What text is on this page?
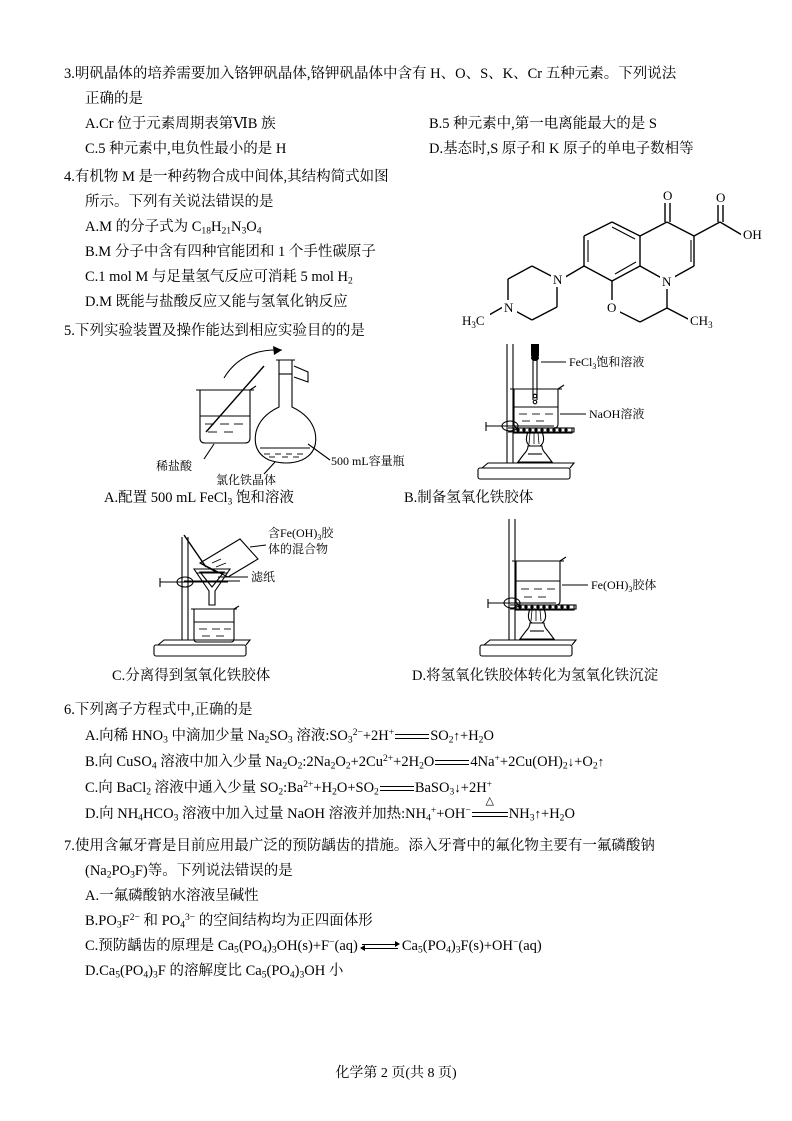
3.明矾晶体的培养需要加入铬钾矾晶体,铬钾矾晶体中含有 H、O、S、K、Cr 五种元素。下列说法
正确的是
A.Cr 位于元素周期表第ⅥB 族	B.5 种元素中,第一电离能最大的是 S
C.5 种元素中,电负性最小的是 H	D.基态时,S 原子和 K 原子的单电子数相等
4.有机物 M 是一种药物合成中间体,其结构简式如图
所示。下列有关说法错误的是
A.M 的分子式为 $C_{18}H_{21}N_3O_4$
B.M 分子中含有四种官能团和 1 个手性碳原子
C.1 mol M 与足量氢气反应可消耗 5 mol $H_2$
D.M 既能与盐酸反应又能与氢氧化钠反应
5.下列实验装置及操作能达到相应实验目的的是
稀盐酸
氯化铁晶体
500 mL容量瓶
FeCl$_3$饱和溶液
NaOH溶液
A.配置 500 mL FeCl$_3$ 饱和溶液	B.制备氢氧化铁胶体
含$Fe(OH)_3$胶
体的混合物
滤纸
$Fe(OH)_3$胶体
C.分离得到氢氧化铁胶体	D.将氢氧化铁胶体转化为氢氧化铁沉淀
6.下列离子方程式中,正确的是
A.向稀 $HNO_3$ 中滴加少量 $Na_2SO_3$ 溶液$:SO_3^{2-}+2H^+$ $SO_2↑+H_2O$
B.向 CuSO$_4$ 溶液中加入少量 $Na_2O_2:2Na_2O_2+2Cu^{2+}+2H_2O$ $4Na^++2Cu(OH)_2↓+O_2↑$
C.向 BaCl$_2$ 溶液中通入少量 $SO_2:Ba^{2+}+H_2O+SO_2$ BaSO$_3$↓+2H+
D.向 $NH_4HCO_3$ 溶液中加入过量 NaOH 溶液并加热$:NH_4^++OH^-$
△
$NH_3↑+H_2O$
7.使用含氟牙膏是目前应用最广泛的预防龋齿的措施。添入牙膏中的氟化物主要有一氟磷酸钠
$(Na_2PO_3F)$等。下列说法错误的是
A.一氟磷酸钠水溶液呈碱性
$B.PO_3F^{2-}$ 和 $PO_4^{3-}$ 的空间结构均为正四面体形
C.预防龋齿的原理是 $Ca_5(PO_4)_3OH(s)+F^-(aq)$	$Ca_5(PO_4)_3F(s)+OH^-(aq)$
$D.Ca_5(PO_4)_3F$ 的溶解度比 $Ca_5(PO_4)_3OH$ 小
O	O
OH
N
O
$CH_3$
N
N
$H_3C$
化学第 2 页(共 8 页)
